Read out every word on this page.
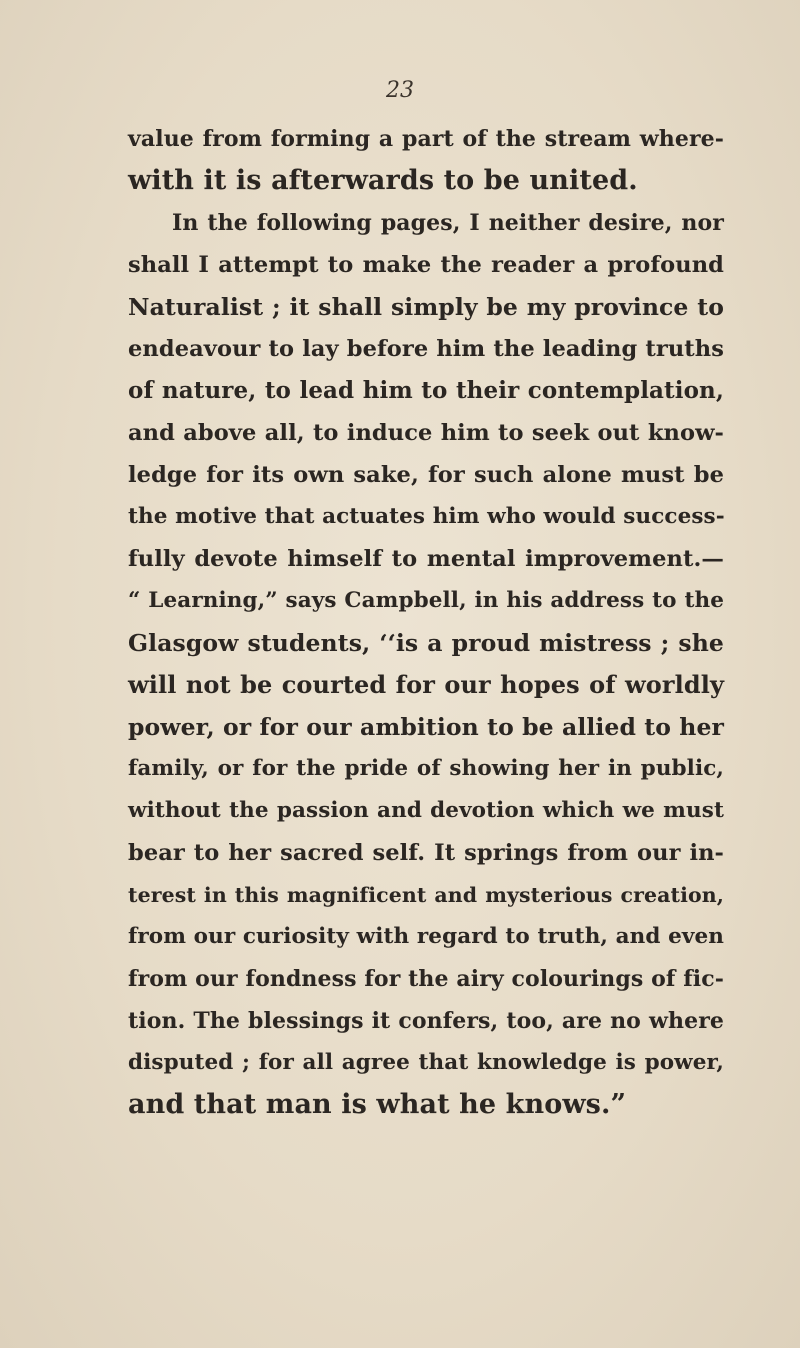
23
value from forming a part of the stream where-
with it is afterwards to be united.
In the following pages, I neither desire, nor
shall I attempt to make the reader a profound
Naturalist ; it shall simply be my province to
endeavour to lay before him the leading truths
of nature, to lead him to their contemplation,
and above all, to induce him to seek out know-
ledge for its own sake, for such alone must be
the motive that actuates him who would success-
fully devote himself to mental improvement.—
“ Learning,” says Campbell, in his address to the
Glasgow students, ‘‘is a proud mistress ; she
will not be courted for our hopes of worldly
power, or for our ambition to be allied to her
family, or for the pride of showing her in public,
without the passion and devotion which we must
bear to her sacred self. It springs from our in-
terest in this magnificent and mysterious creation,
from our curiosity with regard to truth, and even
from our fondness for the airy colourings of fic-
tion. The blessings it confers, too, are no where
disputed ; for all agree that knowledge is power,
and that man is what he knows.”
